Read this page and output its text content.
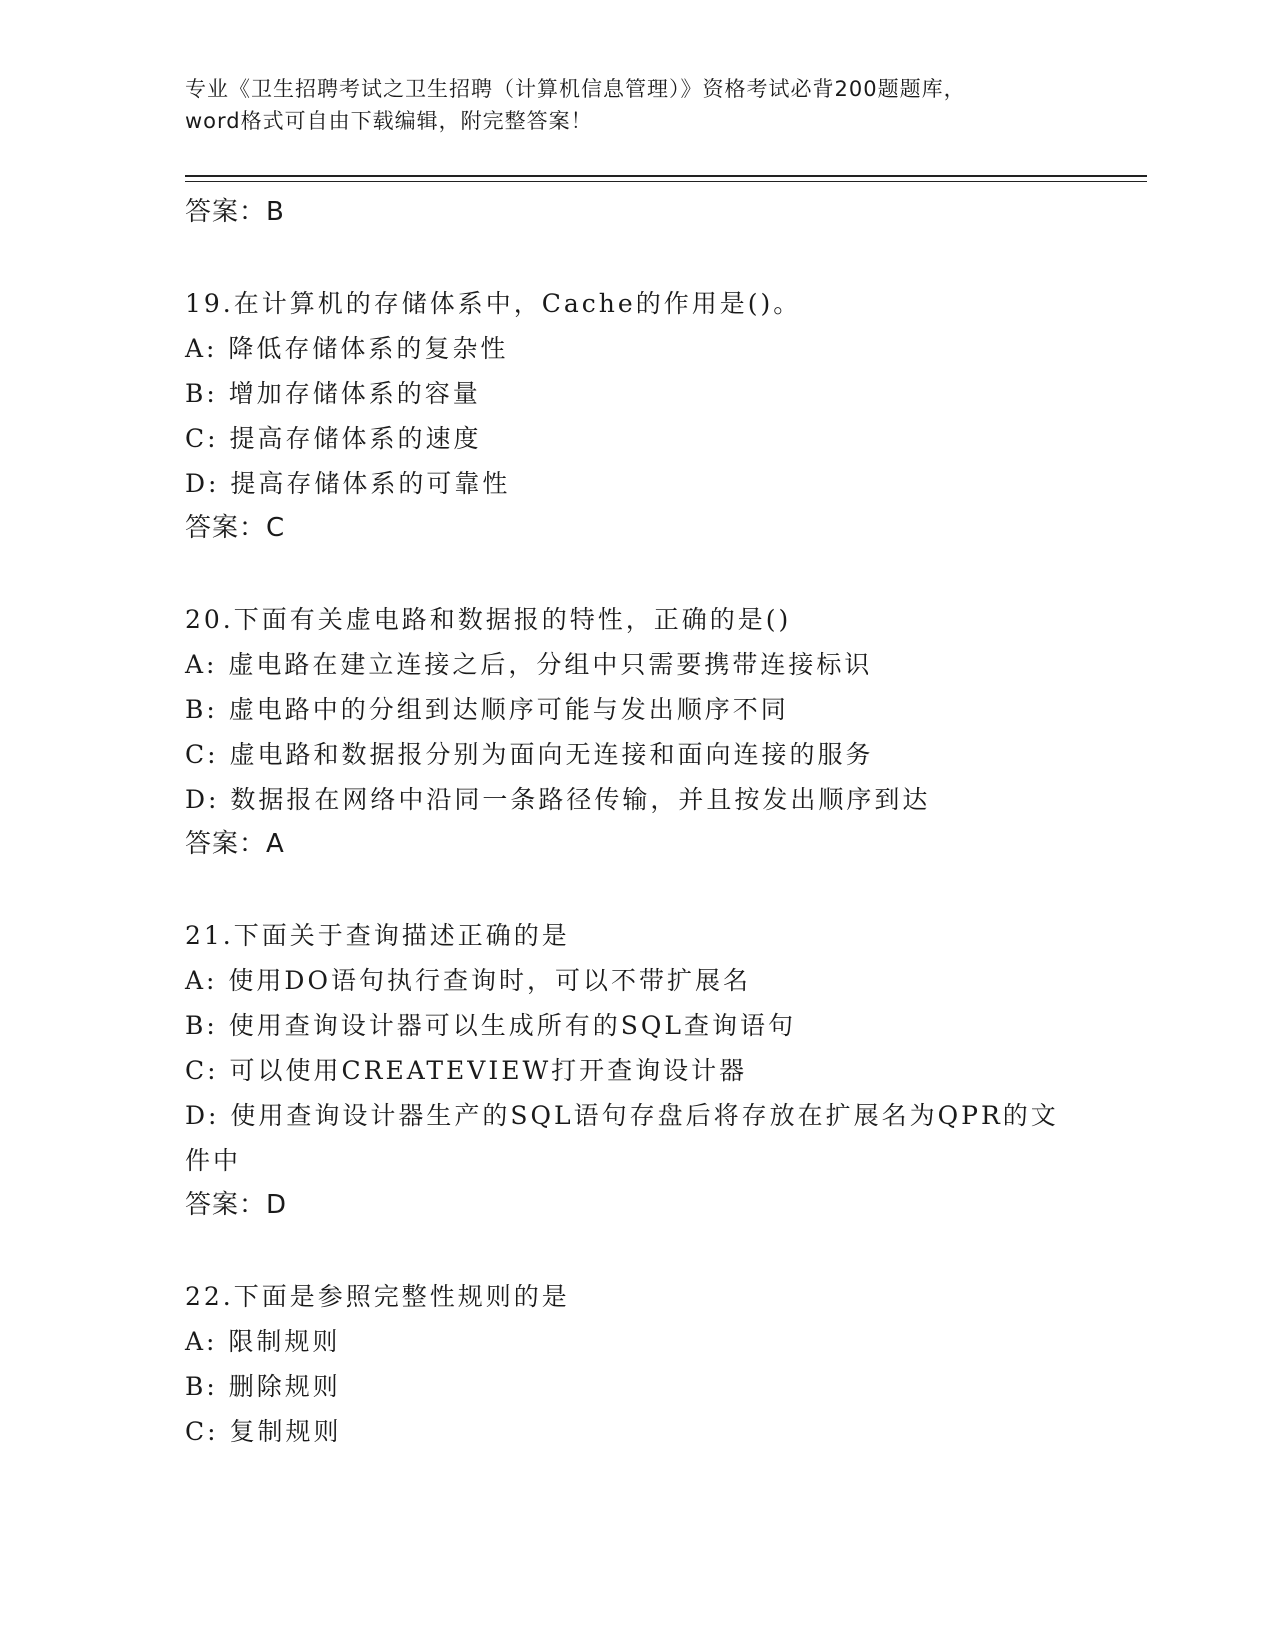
专业《卫生招聘考试之卫生招聘（计算机信息管理）》资格考试必背200题题库，
word格式可自由下载编辑，附完整答案！
答案：B
19.在计算机的存储体系中，Cache的作用是()。
A: 降低存储体系的复杂性
B: 增加存储体系的容量
C: 提高存储体系的速度
D: 提高存储体系的可靠性
答案：C
20.下面有关虚电路和数据报的特性，正确的是()
A: 虚电路在建立连接之后，分组中只需要携带连接标识
B: 虚电路中的分组到达顺序可能与发出顺序不同
C: 虚电路和数据报分别为面向无连接和面向连接的服务
D: 数据报在网络中沿同一条路径传输，并且按发出顺序到达
答案：A
21.下面关于查询描述正确的是
A: 使用DO语句执行查询时，可以不带扩展名
B: 使用查询设计器可以生成所有的SQL查询语句
C: 可以使用CREATEVIEW打开查询设计器
D: 使用查询设计器生产的SQL语句存盘后将存放在扩展名为QPR的文件中
答案：D
22.下面是参照完整性规则的是
A: 限制规则
B: 删除规则
C: 复制规则
